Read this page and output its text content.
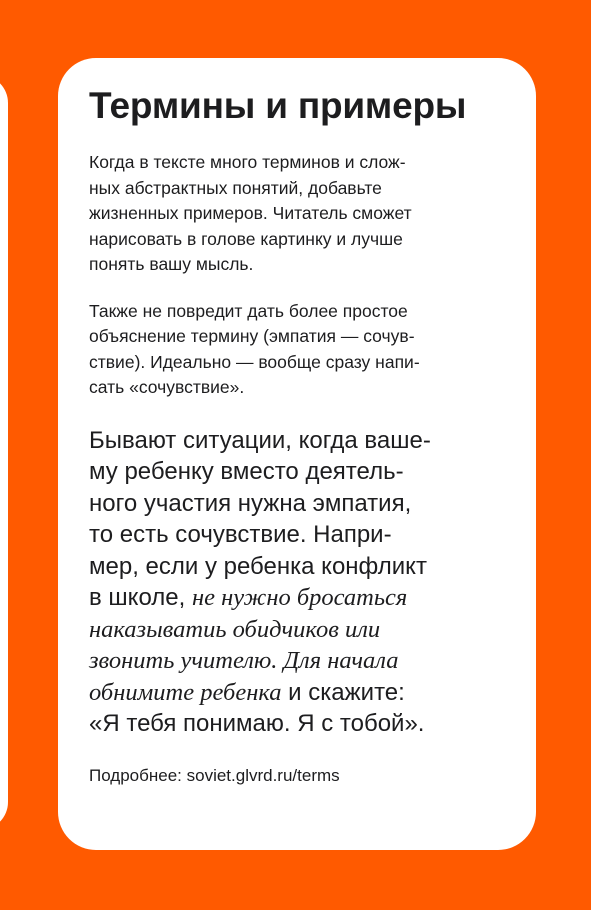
Термины и примеры

Когда в тексте много терминов и слож-
ных абстрактных понятий, добавьте
жизненных примеров. Читатель сможет
нарисовать в голове картинку и лучше
понять вашу мысль.

Также не повредит дать более простое
объяснение термину (эмпатия — сочув-
ствие). Идеально — вообще сразу напи-
сать «сочувствие».

Бывают ситуации, когда ваше-
му ребенку вместо деятель-
ного участия нужна эмпатия,
то есть сочувствие. Напри-
мер, если у ребенка конфликт
в школе, не нужно бросаться
наказыватиь обидчиков или
звонить учителю. Для начала
обнимите ребенка и скажите:
«Я тебя понимаю. Я с тобой».
Подробнее: soviet.glvrd.ru/terms
